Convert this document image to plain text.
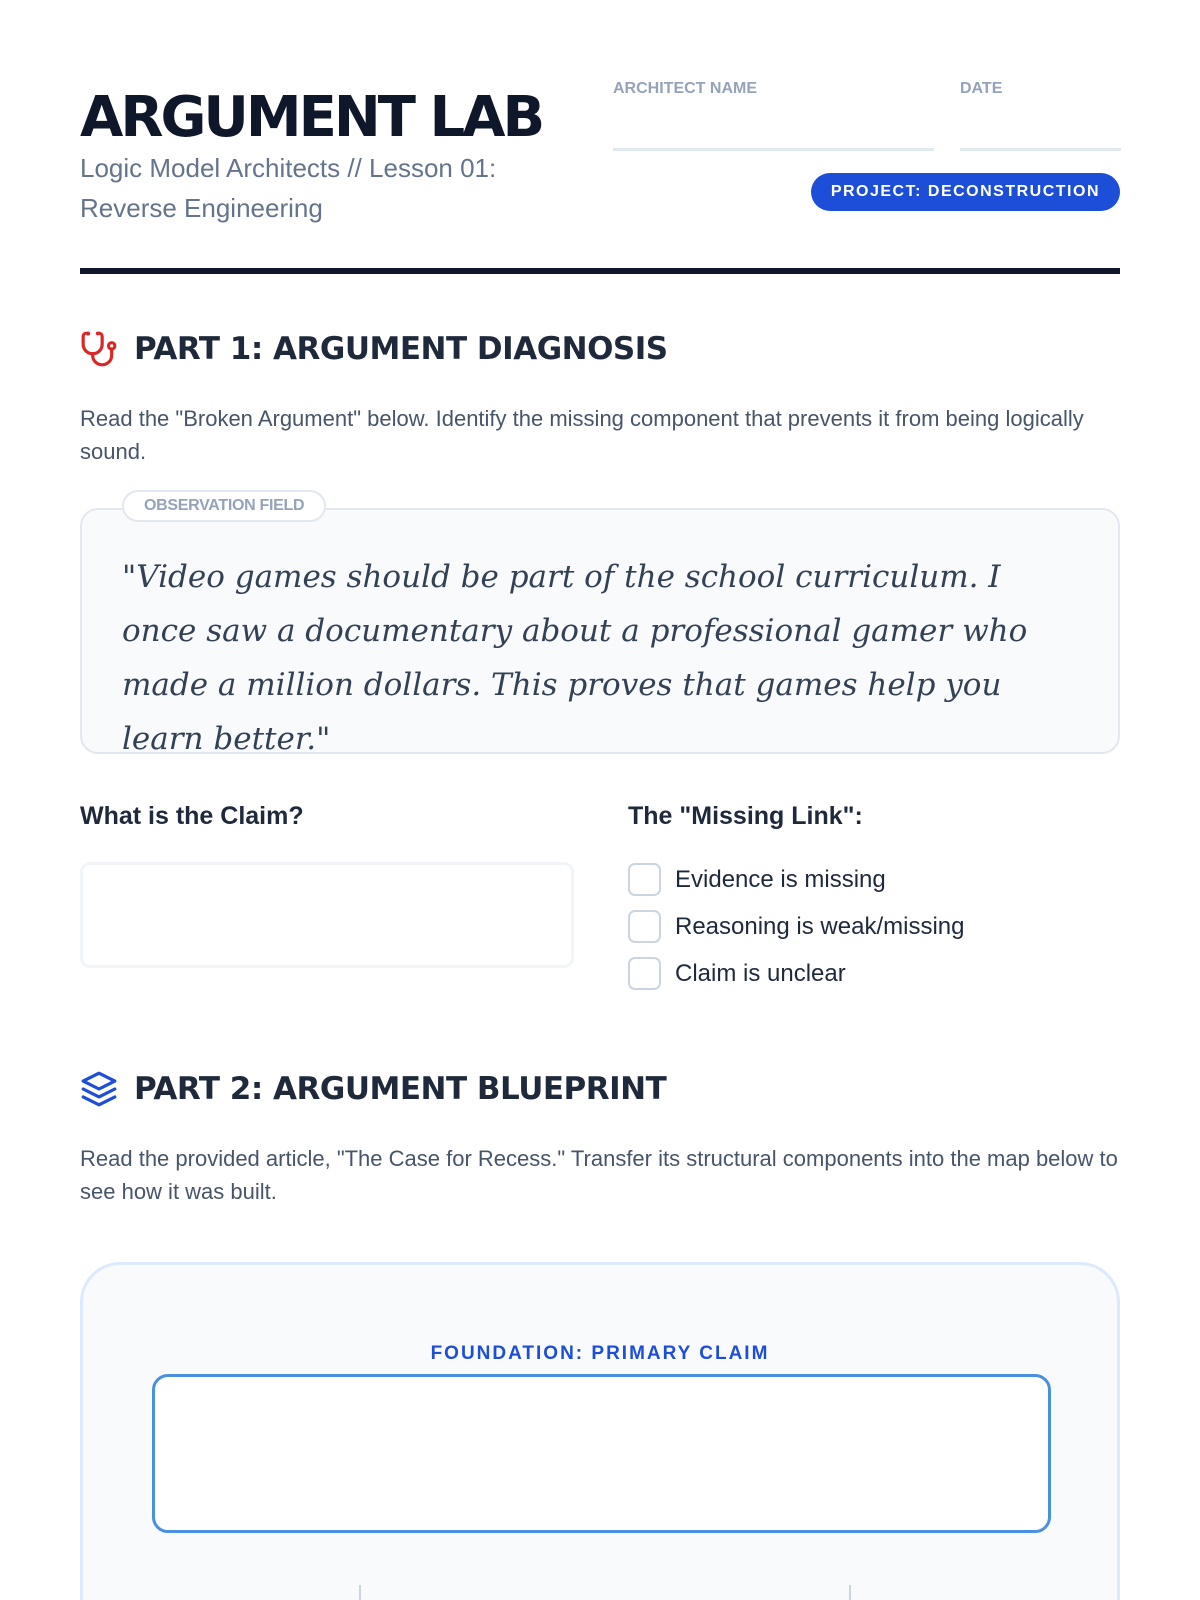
ARGUMENT LAB
Logic Model Architects // Lesson 01: Reverse Engineering
ARCHITECT NAME	DATE
PROJECT: DECONSTRUCTION
PART 1: ARGUMENT DIAGNOSIS
Read the "Broken Argument" below. Identify the missing component that prevents it from being logically sound.
"Video games should be part of the school curriculum. I once saw a documentary about a professional gamer who made a million dollars. This proves that games help you learn better."
OBSERVATION FIELD
What is the Claim?	The "Missing Link":
Evidence is missing
Reasoning is weak/missing
Claim is unclear
PART 2: ARGUMENT BLUEPRINT
Read the provided article, "The Case for Recess." Transfer its structural components into the map below to see how it was built.
FOUNDATION: PRIMARY CLAIM
